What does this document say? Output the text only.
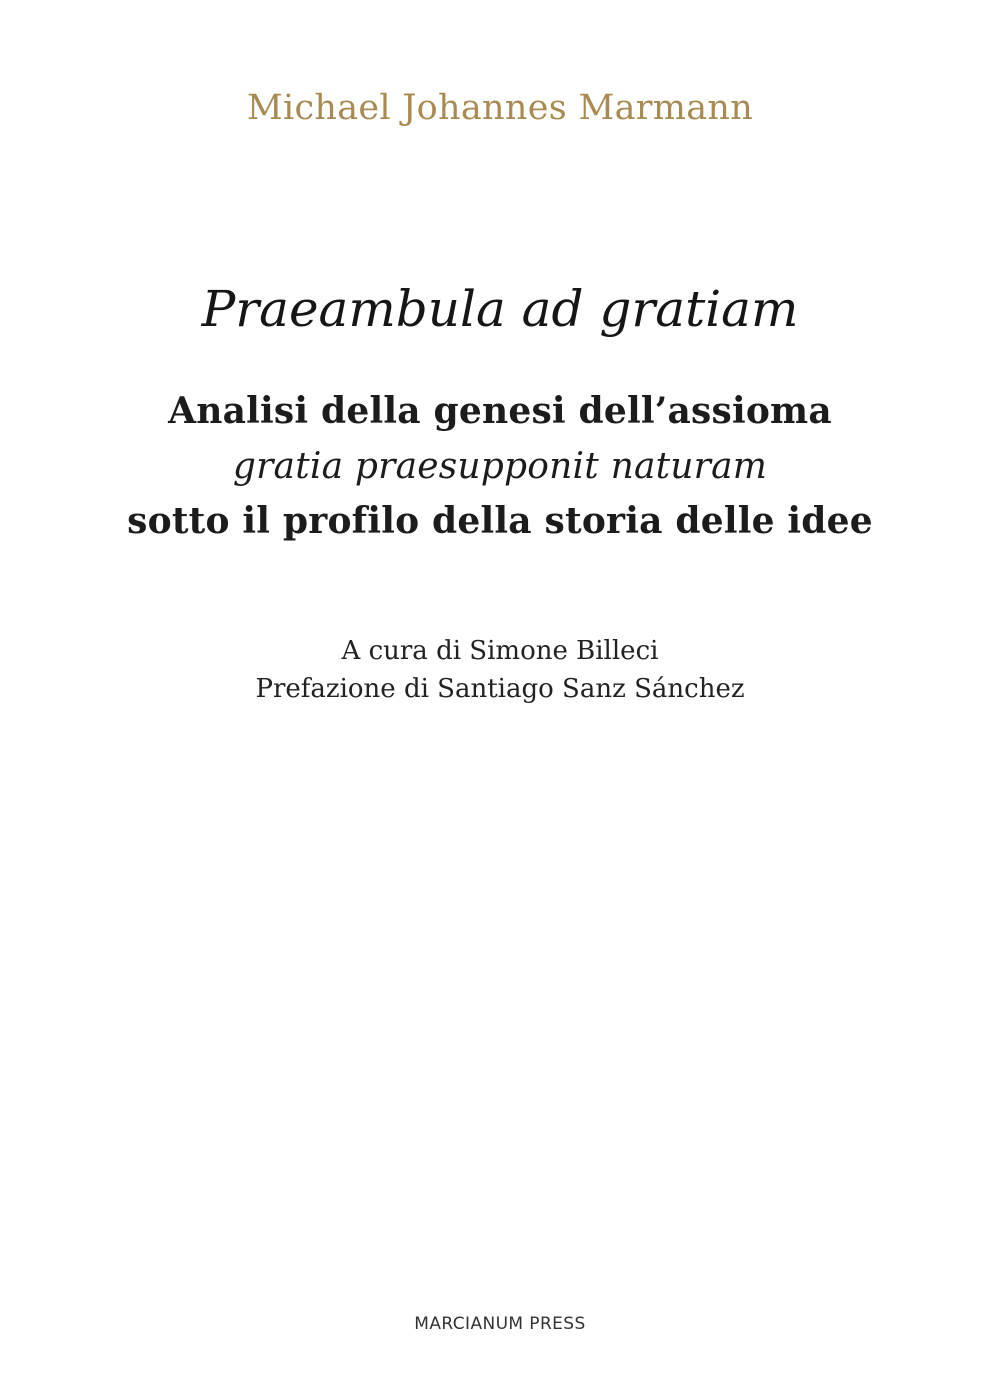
Michael Johannes Marmann
Praeambula ad gratiam
Analisi della genesi dell’assioma
gratia praesupponit naturam
sotto il profilo della storia delle idee
A cura di Simone Billeci
Prefazione di Santiago Sanz Sánchez
MARCIANUM PRESS
